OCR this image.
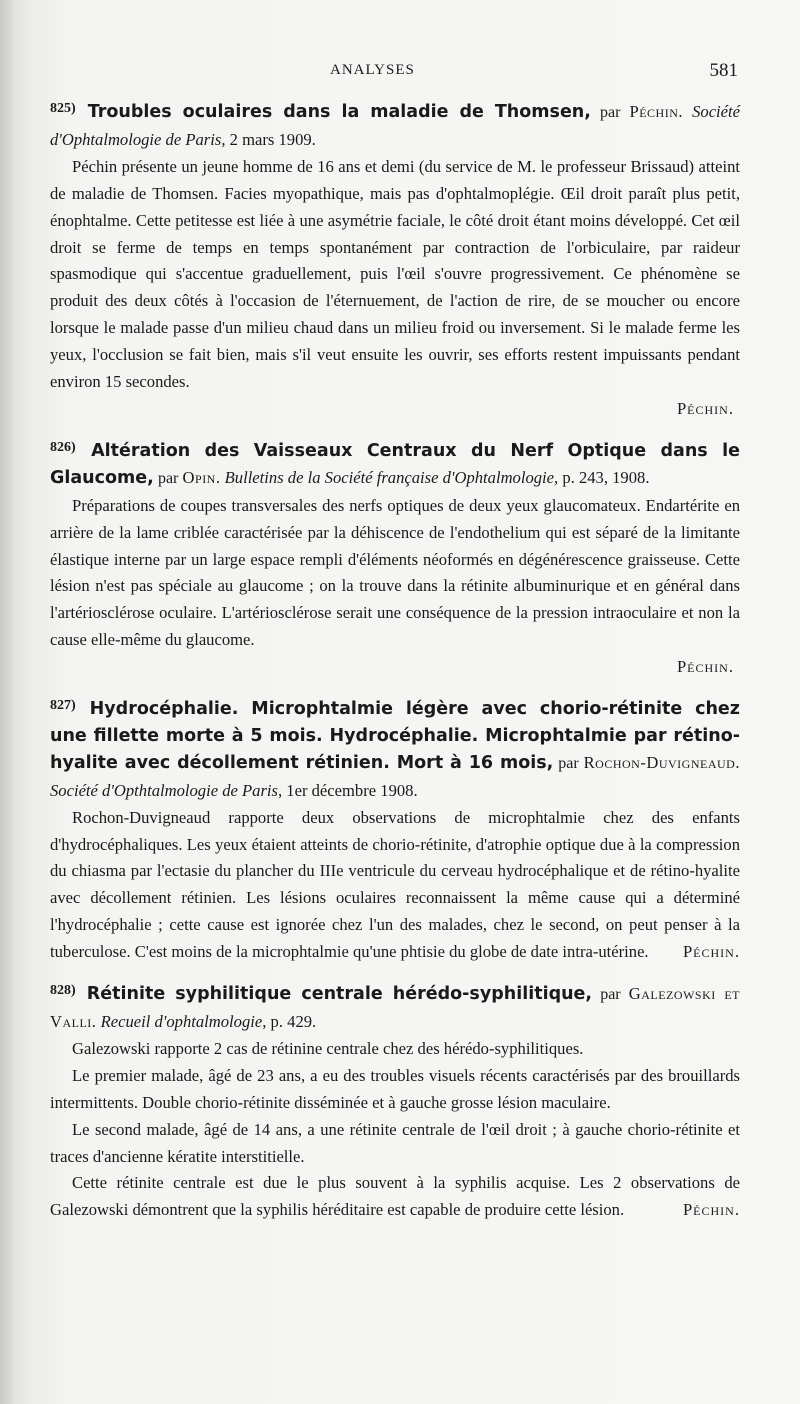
ANALYSES	581

$^{825)}$ Troubles oculaires dans la maladie de Thomsen, par Péchin. Société d'Ophtalmologie de Paris, 2 mars 1909.

Péchin présente un jeune homme de 16 ans et demi (du service de M. le professeur Brissaud) atteint de maladie de Thomsen. Facies myopathique, mais pas d'ophtalmoplégie. Œil droit paraît plus petit, énophtalme. Cette petitesse est liée à une asymétrie faciale, le côté droit étant moins développé. Cet œil droit se ferme de temps en temps spontanément par contraction de l'orbiculaire, par raideur spasmodique qui s'accentue graduellement, puis l'œil s'ouvre progressivement. Ce phénomène se produit des deux côtés à l'occasion de l'éternuement, de l'action de rire, de se moucher ou encore lorsque le malade passe d'un milieu chaud dans un milieu froid ou inversement. Si le malade ferme les yeux, l'occlusion se fait bien, mais s'il veut ensuite les ouvrir, ses efforts restent impuissants pendant environ 15 secondes.

Péchin.

$^{826)}$ Altération des Vaisseaux Centraux du Nerf Optique dans le Glaucome, par Opin. Bulletins de la Société française d'Ophtalmologie, p. 243, 1908.

Préparations de coupes transversales des nerfs optiques de deux yeux glaucomateux. Endartérite en arrière de la lame criblée caractérisée par la déhiscence de l'endothelium qui est séparé de la limitante élastique interne par un large espace rempli d'éléments néoformés en dégénérescence graisseuse. Cette lésion n'est pas spéciale au glaucome ; on la trouve dans la rétinite albuminurique et en général dans l'artériosclérose oculaire. L'artériosclérose serait une conséquence de la pression intraoculaire et non la cause elle-même du glaucome.

Péchin.

$^{827)}$ Hydrocéphalie. Microphtalmie légère avec chorio-rétinite chez une fillette morte à 5 mois. Hydrocéphalie. Microphtalmie par rétino-hyalite avec décollement rétinien. Mort à 16 mois, par Rochon-Duvigneaud. Société d'Opthtalmologie de Paris, 1er décembre 1908.

Rochon-Duvigneaud rapporte deux observations de microphtalmie chez des enfants d'hydrocéphaliques. Les yeux étaient atteints de chorio-rétinite, d'atrophie optique due à la compression du chiasma par l'ectasie du plancher du IIIe ventricule du cerveau hydrocéphalique et de rétino-hyalite avec décollement rétinien. Les lésions oculaires reconnaissent la même cause qui a déterminé l'hydrocéphalie ; cette cause est ignorée chez l'un des malades, chez le second, on peut penser à la tuberculose. C'est moins de la microphtalmie qu'une phtisie du globe de date intra-utérine.	Péchin.

$^{828)}$ Rétinite syphilitique centrale hérédo-syphilitique, par Galezowski et Valli. Recueil d'ophtalmologie, p. 429.

Galezowski rapporte 2 cas de rétinine centrale chez des hérédo-syphilitiques.

Le premier malade, âgé de 23 ans, a eu des troubles visuels récents caractérisés par des brouillards intermittents. Double chorio-rétinite disséminée et à gauche grosse lésion maculaire.

Le second malade, âgé de 14 ans, a une rétinite centrale de l'œil droit ; à gauche chorio-rétinite et traces d'ancienne kératite interstitielle.

Cette rétinite centrale est due le plus souvent à la syphilis acquise. Les 2 observations de Galezowski démontrent que la syphilis héréditaire est capable de produire cette lésion.	Péchin.
